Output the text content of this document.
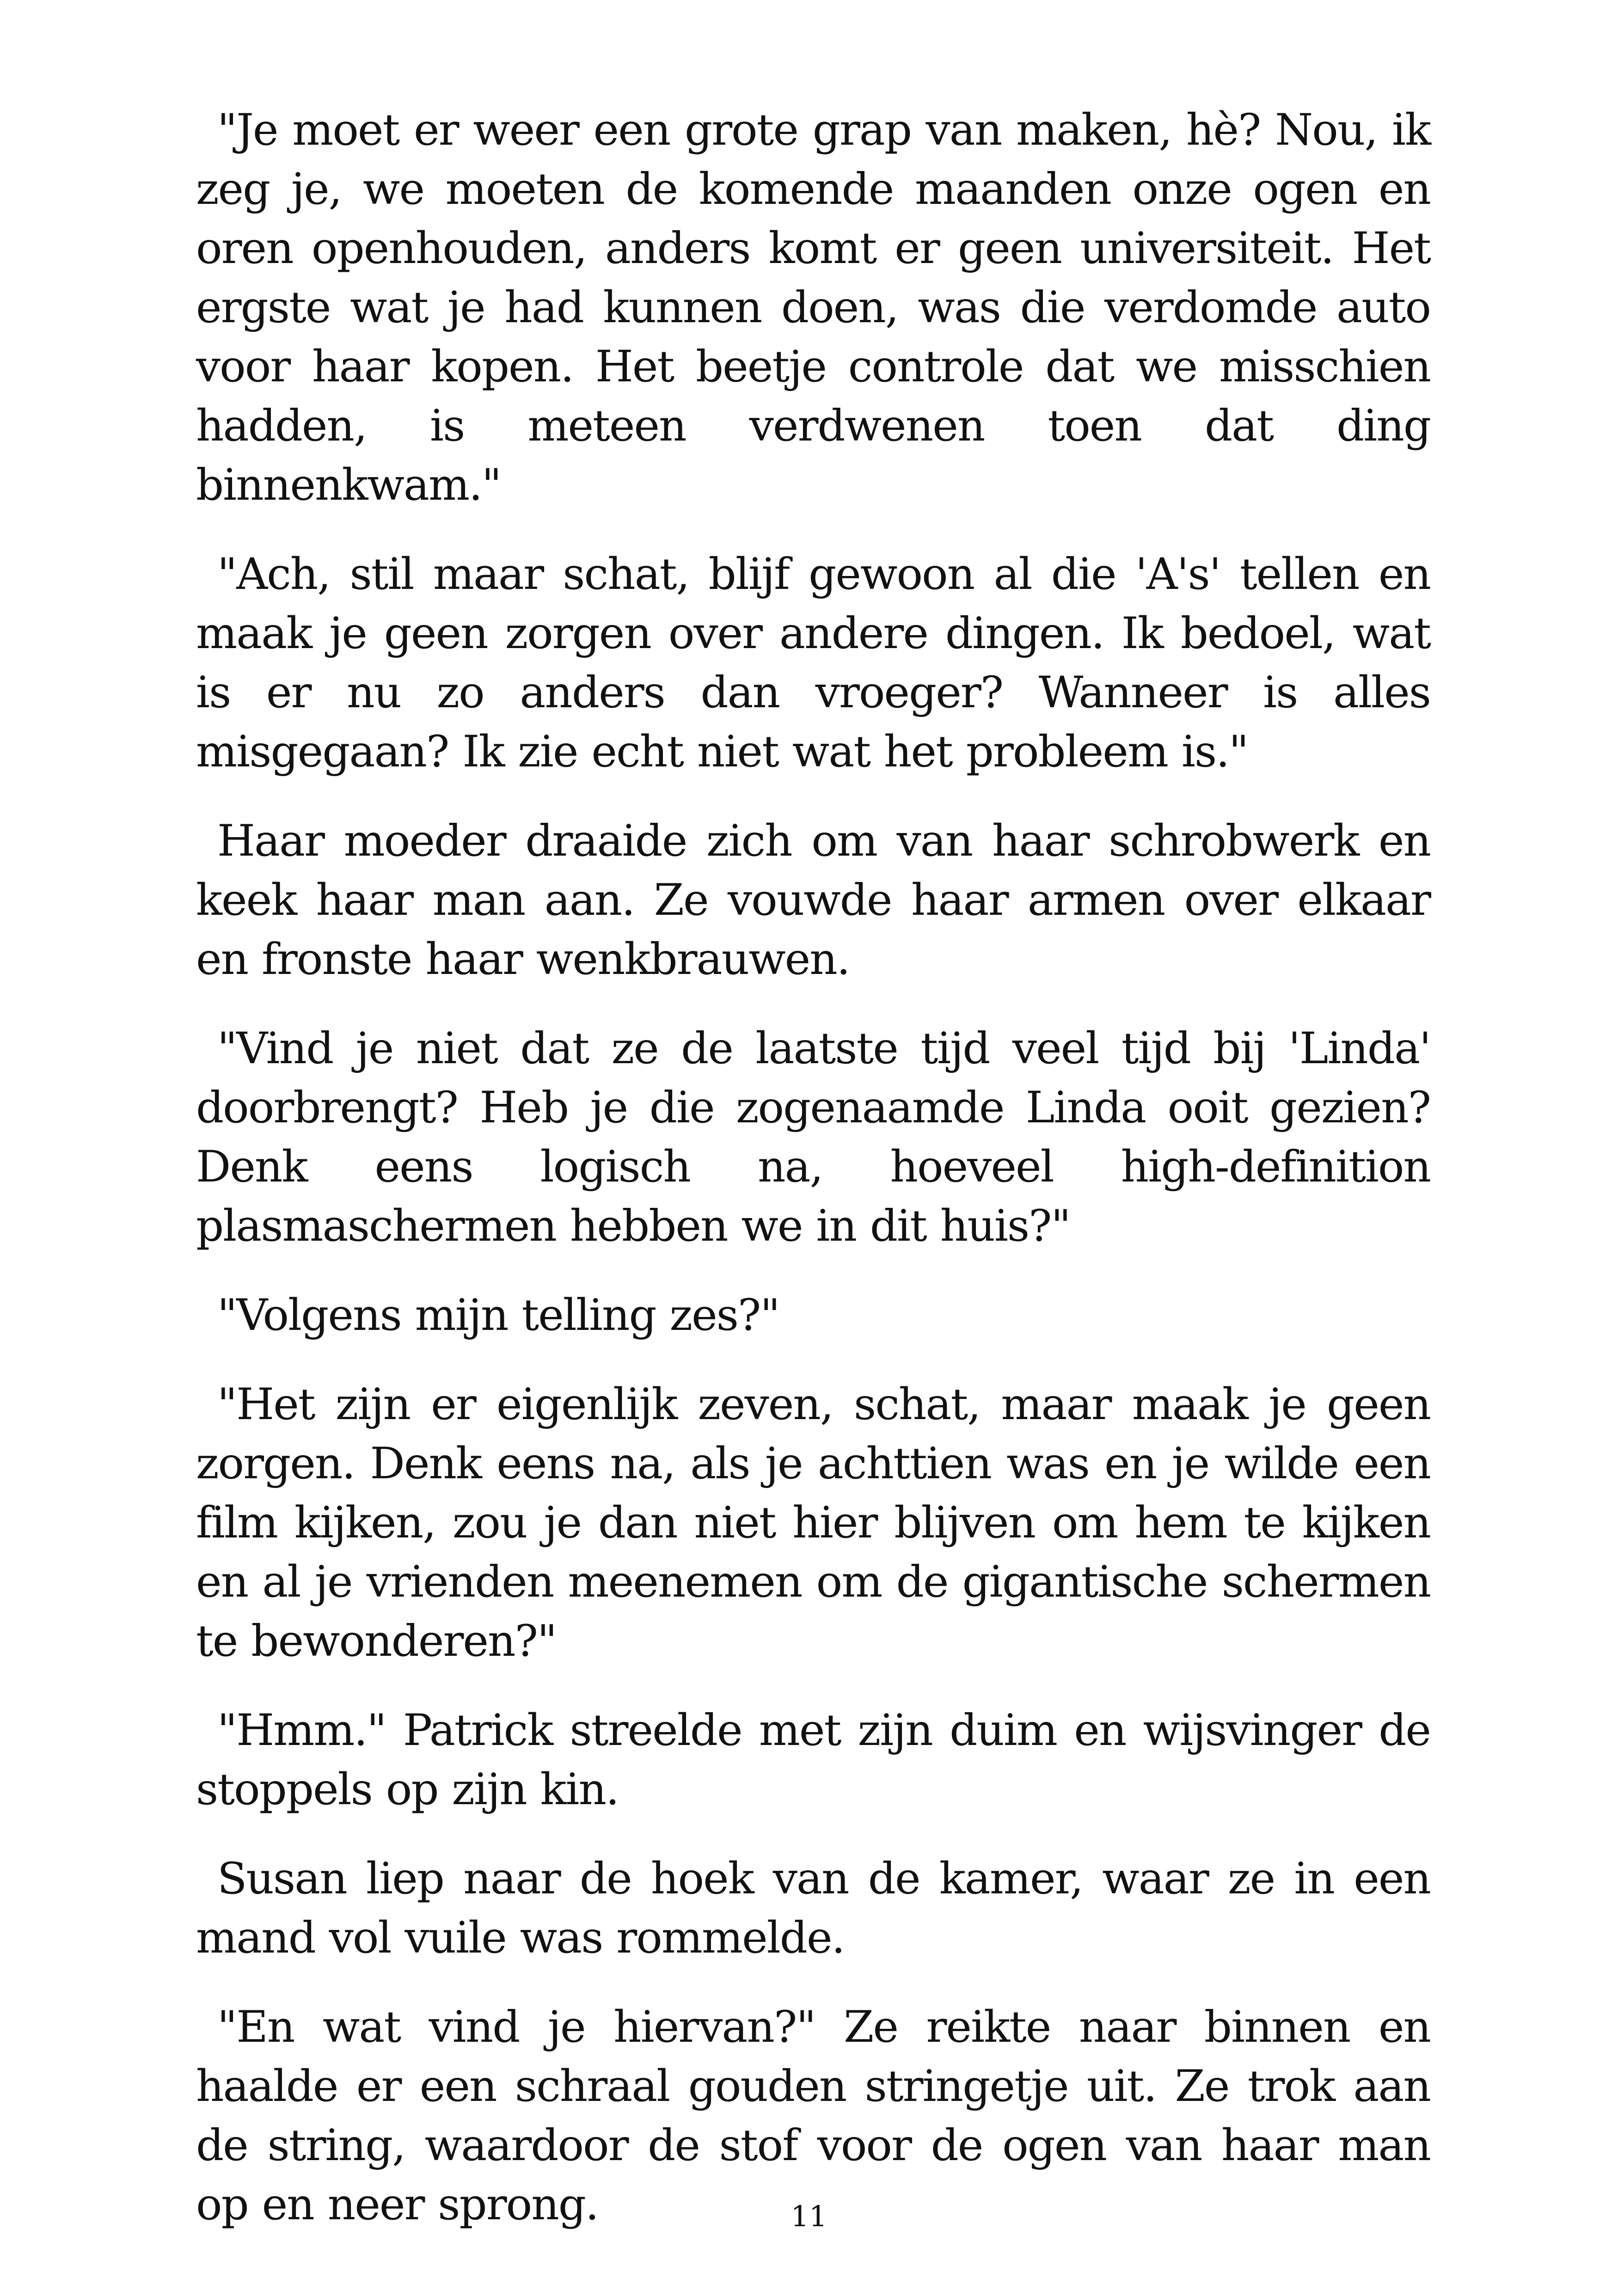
"Je moet er weer een grote grap van maken, hè? Nou, ik zeg je, we moeten de komende maanden onze ogen en oren openhouden, anders komt er geen universiteit. Het ergste wat je had kunnen doen, was die verdomde auto voor haar kopen. Het beetje controle dat we misschien hadden, is meteen verdwenen toen dat ding binnenkwam."

"Ach, stil maar schat, blijf gewoon al die 'A's' tellen en maak je geen zorgen over andere dingen. Ik bedoel, wat is er nu zo anders dan vroeger? Wanneer is alles misgegaan? Ik zie echt niet wat het probleem is."

Haar moeder draaide zich om van haar schrobwerk en keek haar man aan. Ze vouwde haar armen over elkaar en fronste haar wenkbrauwen.

"Vind je niet dat ze de laatste tijd veel tijd bij 'Linda' doorbrengt? Heb je die zogenaamde Linda ooit gezien? Denk eens logisch na, hoeveel high-definition plasmaschermen hebben we in dit huis?"

"Volgens mijn telling zes?"

"Het zijn er eigenlijk zeven, schat, maar maak je geen zorgen. Denk eens na, als je achttien was en je wilde een film kijken, zou je dan niet hier blijven om hem te kijken en al je vrienden meenemen om de gigantische schermen te bewonderen?"

"Hmm." Patrick streelde met zijn duim en wijsvinger de stoppels op zijn kin.

Susan liep naar de hoek van de kamer, waar ze in een mand vol vuile was rommelde.

"En wat vind je hiervan?" Ze reikte naar binnen en haalde er een schraal gouden stringetje uit. Ze trok aan de string, waardoor de stof voor de ogen van haar man op en neer sprong.	11
